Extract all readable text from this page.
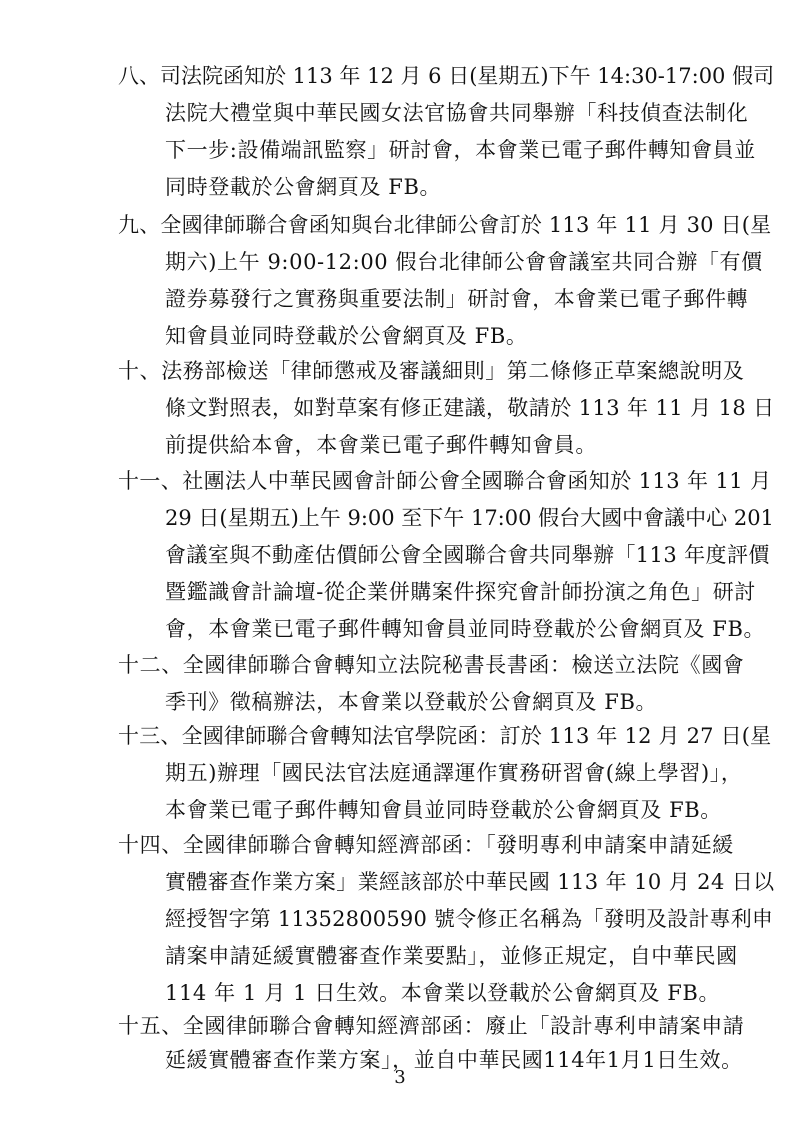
八、司法院函知於 113 年 12 月 6 日(星期五)下午 14:30-17:00 假司
法院大禮堂與中華民國女法官協會共同舉辦「科技偵查法制化
下一步:設備端訊監察」研討會，本會業已電子郵件轉知會員並
同時登載於公會網頁及 FB。
九、全國律師聯合會函知與台北律師公會訂於 113 年 11 月 30 日(星
期六)上午 9:00-12:00 假台北律師公會會議室共同合辦「有價
證券募發行之實務與重要法制」研討會，本會業已電子郵件轉
知會員並同時登載於公會網頁及 FB。
十、法務部檢送「律師懲戒及審議細則」第二條修正草案總說明及
條文對照表，如對草案有修正建議，敬請於 113 年 11 月 18 日
前提供給本會，本會業已電子郵件轉知會員。
十一、社團法人中華民國會計師公會全國聯合會函知於 113 年 11 月
29 日(星期五)上午 9:00 至下午 17:00 假台大國中會議中心 201
會議室與不動產估價師公會全國聯合會共同舉辦「113 年度評價
暨鑑識會計論壇-從企業併購案件探究會計師扮演之角色」研討
會，本會業已電子郵件轉知會員並同時登載於公會網頁及 FB。
十二、全國律師聯合會轉知立法院秘書長書函：檢送立法院《國會
季刊》徵稿辦法，本會業以登載於公會網頁及 FB。
十三、全國律師聯合會轉知法官學院函：訂於 113 年 12 月 27 日(星
期五)辦理「國民法官法庭通譯運作實務研習會(線上學習)」，
本會業已電子郵件轉知會員並同時登載於公會網頁及 FB。
十四、全國律師聯合會轉知經濟部函：「發明專利申請案申請延緩
實體審查作業方案」業經該部於中華民國 113 年 10 月 24 日以
經授智字第 11352800590 號令修正名稱為「發明及設計專利申
請案申請延緩實體審查作業要點」，並修正規定，自中華民國
114 年 1 月 1 日生效。本會業以登載於公會網頁及 FB。
十五、全國律師聯合會轉知經濟部函：廢止「設計專利申請案申請
延緩實體審查作業方案」，並自中華民國114年1月1日生效。
3
